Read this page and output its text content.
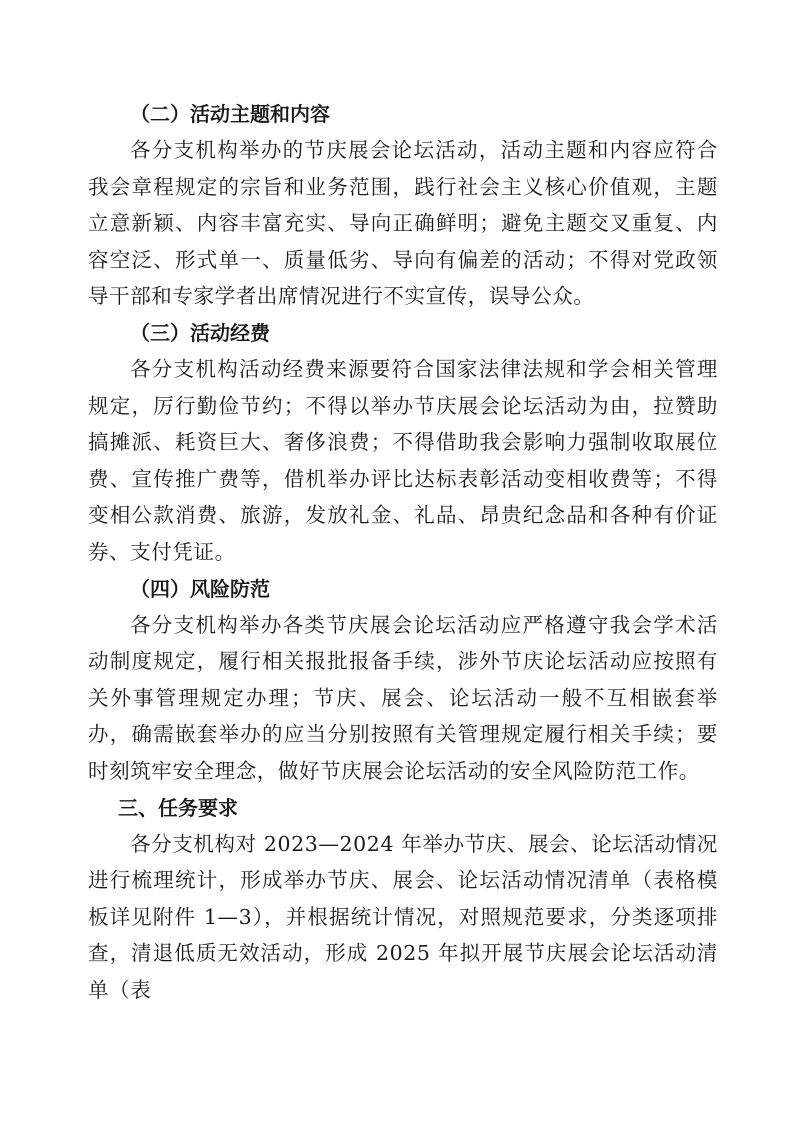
（二）活动主题和内容

各分支机构举办的节庆展会论坛活动，活动主题和内容应符合我会章程规定的宗旨和业务范围，践行社会主义核心价值观，主题立意新颖、内容丰富充实、导向正确鲜明；避免主题交叉重复、内容空泛、形式单一、质量低劣、导向有偏差的活动；不得对党政领导干部和专家学者出席情况进行不实宣传，误导公众。

（三）活动经费

各分支机构活动经费来源要符合国家法律法规和学会相关管理规定，厉行勤俭节约；不得以举办节庆展会论坛活动为由，拉赞助搞摊派、耗资巨大、奢侈浪费；不得借助我会影响力强制收取展位费、宣传推广费等，借机举办评比达标表彰活动变相收费等；不得变相公款消费、旅游，发放礼金、礼品、昂贵纪念品和各种有价证券、支付凭证。

（四）风险防范

各分支机构举办各类节庆展会论坛活动应严格遵守我会学术活动制度规定，履行相关报批报备手续，涉外节庆论坛活动应按照有关外事管理规定办理；节庆、展会、论坛活动一般不互相嵌套举办，确需嵌套举办的应当分别按照有关管理规定履行相关手续；要时刻筑牢安全理念，做好节庆展会论坛活动的安全风险防范工作。

三、任务要求

各分支机构对 2023—2024 年举办节庆、展会、论坛活动情况进行梳理统计，形成举办节庆、展会、论坛活动情况清单（表格模板详见附件 1—3），并根据统计情况，对照规范要求，分类逐项排查，清退低质无效活动，形成 2025 年拟开展节庆展会论坛活动清单（表
